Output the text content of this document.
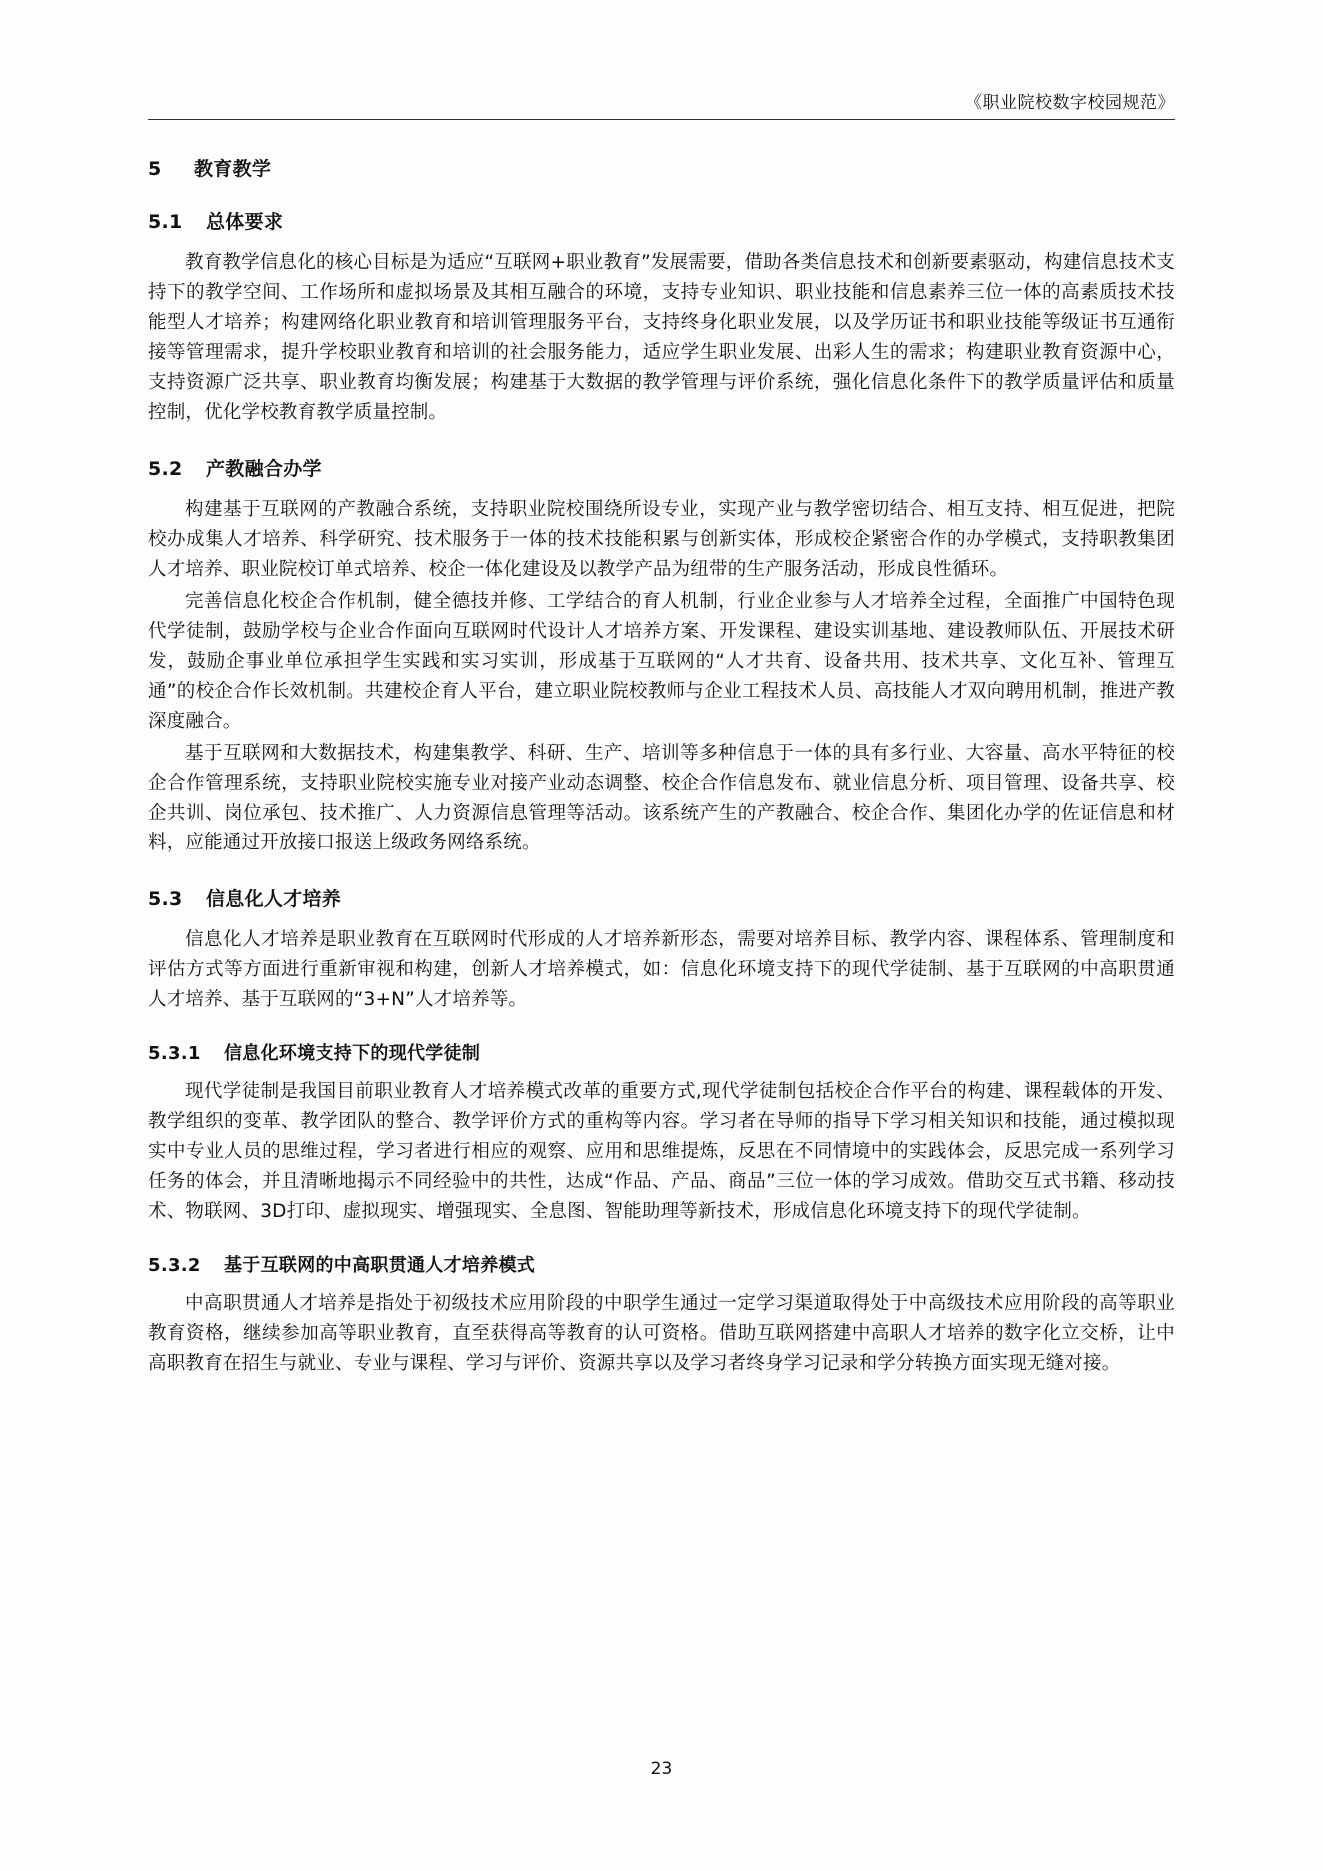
《职业院校数字校园规范》
5 教育教学
5.1 总体要求

教育教学信息化的核心目标是为适应“互联网+职业教育”发展需要，借助各类信息技术和创新要素驱动，构建信息技术支持下的教学空间、工作场所和虚拟场景及其相互融合的环境，支持专业知识、职业技能和信息素养三位一体的高素质技术技能型人才培养；构建网络化职业教育和培训管理服务平台，支持终身化职业发展，以及学历证书和职业技能等级证书互通衔接等管理需求，提升学校职业教育和培训的社会服务能力，适应学生职业发展、出彩人生的需求；构建职业教育资源中心，支持资源广泛共享、职业教育均衡发展；构建基于大数据的教学管理与评价系统，强化信息化条件下的教学质量评估和质量控制，优化学校教育教学质量控制。

5.2 产教融合办学

构建基于互联网的产教融合系统，支持职业院校围绕所设专业，实现产业与教学密切结合、相互支持、相互促进，把院校办成集人才培养、科学研究、技术服务于一体的技术技能积累与创新实体，形成校企紧密合作的办学模式，支持职教集团人才培养、职业院校订单式培养、校企一体化建设及以教学产品为纽带的生产服务活动，形成良性循环。

完善信息化校企合作机制，健全德技并修、工学结合的育人机制，行业企业参与人才培养全过程，全面推广中国特色现代学徒制，鼓励学校与企业合作面向互联网时代设计人才培养方案、开发课程、建设实训基地、建设教师队伍、开展技术研发，鼓励企事业单位承担学生实践和实习实训，形成基于互联网的“人才共育、设备共用、技术共享、文化互补、管理互通”的校企合作长效机制。共建校企育人平台，建立职业院校教师与企业工程技术人员、高技能人才双向聘用机制，推进产教深度融合。

基于互联网和大数据技术，构建集教学、科研、生产、培训等多种信息于一体的具有多行业、大容量、高水平特征的校企合作管理系统，支持职业院校实施专业对接产业动态调整、校企合作信息发布、就业信息分析、项目管理、设备共享、校企共训、岗位承包、技术推广、人力资源信息管理等活动。该系统产生的产教融合、校企合作、集团化办学的佐证信息和材料，应能通过开放接口报送上级政务网络系统。

5.3 信息化人才培养

信息化人才培养是职业教育在互联网时代形成的人才培养新形态，需要对培养目标、教学内容、课程体系、管理制度和评估方式等方面进行重新审视和构建，创新人才培养模式，如：信息化环境支持下的现代学徒制、基于互联网的中高职贯通人才培养、基于互联网的“3+N”人才培养等。

5.3.1 信息化环境支持下的现代学徒制

现代学徒制是我国目前职业教育人才培养模式改革的重要方式,现代学徒制包括校企合作平台的构建、课程载体的开发、教学组织的变革、教学团队的整合、教学评价方式的重构等内容。学习者在导师的指导下学习相关知识和技能，通过模拟现实中专业人员的思维过程，学习者进行相应的观察、应用和思维提炼，反思在不同情境中的实践体会，反思完成一系列学习任务的体会，并且清晰地揭示不同经验中的共性，达成“作品、产品、商品”三位一体的学习成效。借助交互式书籍、移动技术、物联网、3D打印、虚拟现实、增强现实、全息图、智能助理等新技术，形成信息化环境支持下的现代学徒制。

5.3.2 基于互联网的中高职贯通人才培养模式

中高职贯通人才培养是指处于初级技术应用阶段的中职学生通过一定学习渠道取得处于中高级技术应用阶段的高等职业教育资格，继续参加高等职业教育，直至获得高等教育的认可资格。借助互联网搭建中高职人才培养的数字化立交桥，让中高职教育在招生与就业、专业与课程、学习与评价、资源共享以及学习者终身学习记录和学分转换方面实现无缝对接。

23
